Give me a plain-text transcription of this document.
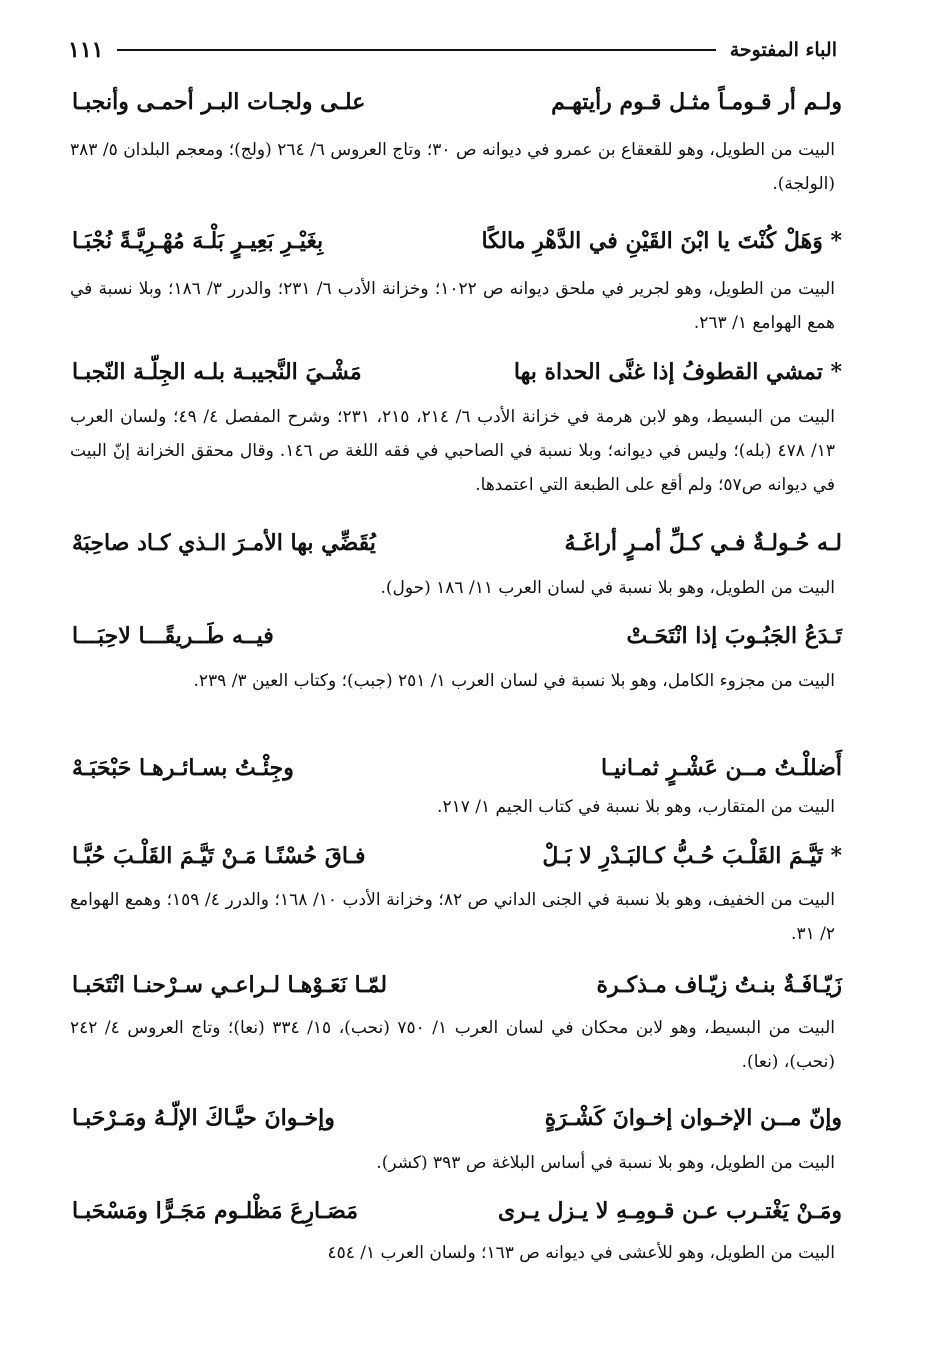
الباء المفتوحة
١١١
ولـم أر قـومـاً مثـل قـوم رأيتهـم
علـى ولجـات البـر أحمـى وأنجبـا
البيت من الطويل، وهو للقعقاع بن عمرو في ديوانه ص ٣٠؛ وتاج العروس ٦/ ٢٦٤ (ولج)؛ ومعجم البلدان ٥/ ٣٨٣ (الولجة).
* وَهَلْ كُنْتَ يا ابْنَ القَيْنِ في الدَّهْرِ مالكًا
بِغَيْـرِ بَعِيـرٍ بَلْـهَ مُهْـرِيَّـةً نُجْبَـا
البيت من الطويل، وهو لجرير في ملحق ديوانه ص ١٠٢٢؛ وخزانة الأدب ٦/ ٢٣١؛ والدرر ٣/ ١٨٦؛ وبلا نسبة في همع الهوامع ١/ ٢٦٣.
* تمشي القطوفُ إذا غنَّى الحداة بها
مَشْـيَ النَّجيبـة بلـه الجِلّـة النّجبـا
البيت من البسيط، وهو لابن هرمة في خزانة الأدب ٦/ ٢١٤، ٢١٥، ٢٣١؛ وشرح المفصل ٤/ ٤٩؛ ولسان العرب ١٣/ ٤٧٨ (بله)؛ وليس في ديوانه؛ وبلا نسبة في الصاحبي في فقه اللغة ص ١٤٦. وقال محقق الخزانة إنّ البيت في ديوانه ص٥٧؛ ولم أقع على الطبعة التي اعتمدها.
لـه حُـولـةٌ فـي كـلِّ أمـرٍ أراغَـهُ
يُقَضِّي بها الأمـرَ الـذي كـاد صاحِبَهْ
البيت من الطويل، وهو بلا نسبة في لسان العرب ١١/ ١٨٦ (حول).
تَـدَعُ الجَبُـوبَ إذا انْتَحَـتْ
فيــه طَــريقًـــا لاحِبَـــا
البيت من مجزوء الكامل، وهو بلا نسبة في لسان العرب ١/ ٢٥١ (جبب)؛ وكتاب العين ٣/ ٢٣٩.
أَضللْـتُ مــن عَشْـرٍ ثمـانيـا
وجِئْـتُ بسـائـرهـا حَبْحَبَـهْ
البيت من المتقارب، وهو بلا نسبة في كتاب الجيم ١/ ٢١٧.
* تَيَّـمَ القَلْـبَ حُـبُّ كـالبَـدْرِ لا بَـلْ
فـاقَ حُسْنًـا مَـنْ تَيَّـمَ القَلْـبَ حُبَّـا
البيت من الخفيف، وهو بلا نسبة في الجنى الداني ص ٨٢؛ وخزانة الأدب ١٠/ ١٦٨؛ والدرر ٤/ ١٥٩؛ وهمع الهوامع ٢/ ٣١.
زَيّـافَـةٌ بنـتُ زيّـاف مـذكـرة
لمّـا نَعَـوْهـا لـراعـي سـرْحنـا انْتَحَبـا
البيت من البسيط، وهو لابن محكان في لسان العرب ١/ ٧٥٠ (نحب)، ١٥/ ٣٣٤ (نعا)؛ وتاج العروس ٤/ ٢٤٢ (نحب)، (نعا).
وإنّ مــن الإخـوان إخـوانَ كَشْـرَةٍ
وإخـوانَ حيَّـاكَ الإلّـهُ ومَـرْحَبـا
البيت من الطويل، وهو بلا نسبة في أساس البلاغة ص ٣٩٣ (كشر).
ومَـنْ يَغْتـرب عـن قـومِـهِ لا يـزل يـرى
مَصَـارِعَ مَظْلـوم مَجَـرًّا ومَسْحَبـا
البيت من الطويل، وهو للأعشى في ديوانه ص ١٦٣؛ ولسان العرب ١/ ٤٥٤
